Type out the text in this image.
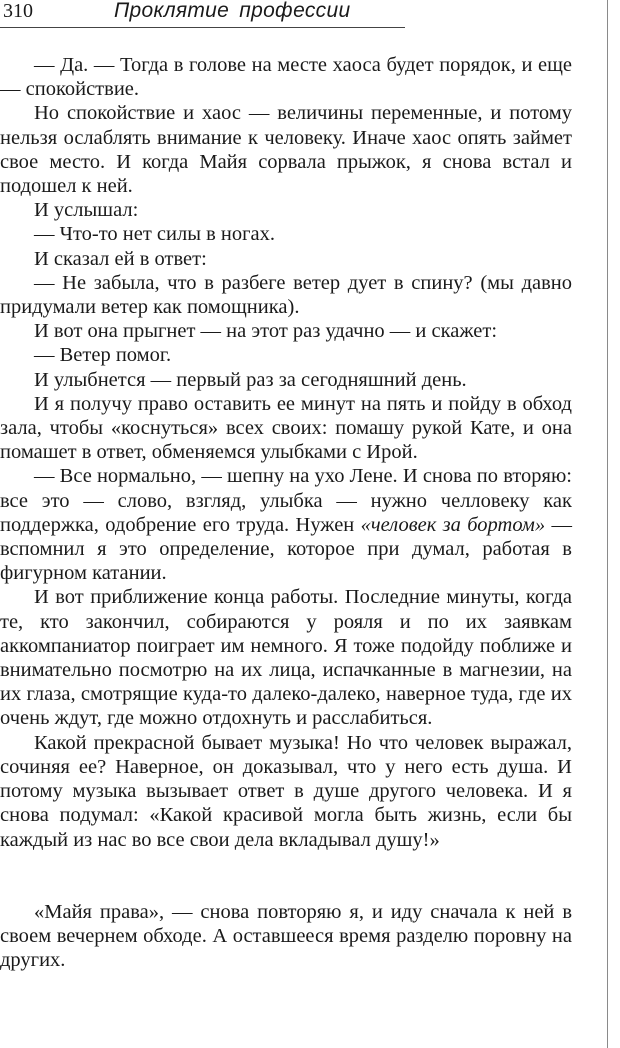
310	Проклятие профессии

— Да. — Тогда в голове на месте хаоса будет порядок, и еще — спокойствие.

Но спокойствие и хаос — величины переменные, и потому нельзя ослаблять внимание к человеку. Иначе хаос опять займет свое место. И когда Майя сорвала прыжок, я снова встал и подошел к ней.

И услышал:

— Что-то нет силы в ногах.

И сказал ей в ответ:

— Не забыла, что в разбеге ветер дует в спину? (мы давно придумали ветер как помощника).

И вот она прыгнет — на этот раз удачно — и скажет:

— Ветер помог.

И улыбнется — первый раз за сегодняшний день.

И я получу право оставить ее минут на пять и пойду в обход зала, чтобы «коснуться» всех своих: помашу рукой Кате, и она помашет в ответ, обменяемся улыбками с Ирой.

— Все нормально, — шепну на ухо Лене. И снова по вторяю: все это — слово, взгляд, улыбка — нужно челловеку как поддержка, одобрение его труда. Нужен «человек за бортом» — вспомнил я это определение, которое при думал, работая в фигурном катании.

И вот приближение конца работы. Последние минуты, когда те, кто закончил, собираются у рояля и по их заявкам аккомпаниатор поиграет им немного. Я тоже подойду поближе и внимательно посмотрю на их лица, испачканные в магнезии, на их глаза, смотрящие куда-то далеко-далеко, наверное туда, где их очень ждут, где можно отдохнуть и расслабиться.

Какой прекрасной бывает музыка! Но что человек выражал, сочиняя ее? Наверное, он доказывал, что у него есть душа. И потому музыка вызывает ответ в душе другого человека. И я снова подумал: «Какой красивой могла быть жизнь, если бы каждый из нас во все свои дела вкладывал душу!»

«Майя права», — снова повторяю я, и иду сначала к ней в своем вечернем обходе. А оставшееся время разделю поровну на других.
